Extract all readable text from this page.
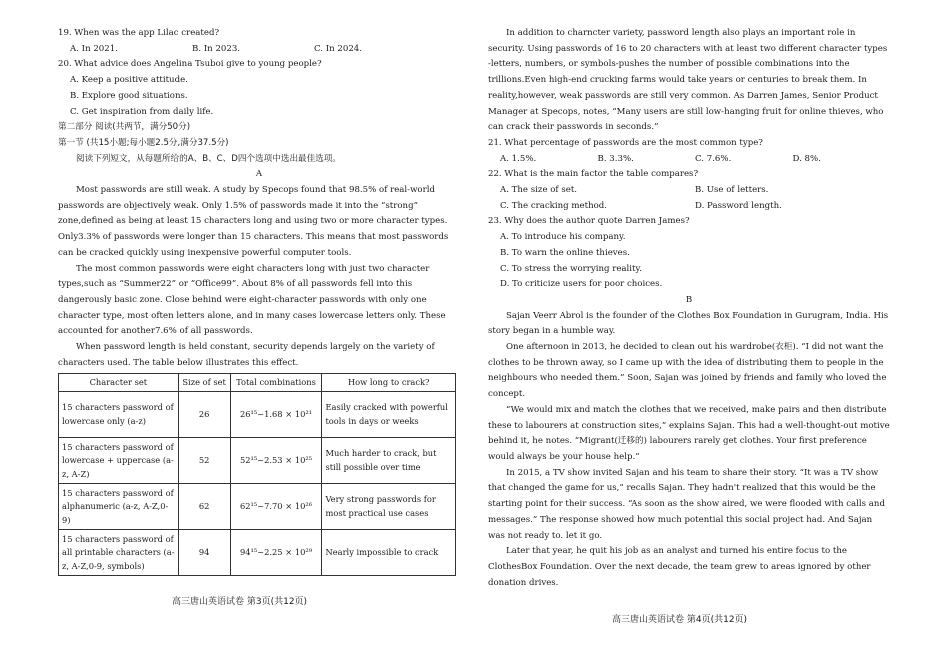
19. When was the app Lilac created?

A. In 2021.	B. In 2023.	C. In 2024.

20. What advice does Angelina Tsuboi give to young people?

A. Keep a positive attitude.

B. Explore good situations.

C. Get inspiration from daily life.

第二部分 阅读(共两节，满分50分)

第一节 (共15小题;每小题2.5分,满分37.5分)

阅读下列短文，从每题所给的A、B、C、D四个选项中选出最佳选项。

A

Most passwords are still weak. A study by Specops found that 98.5% of real-world passwords are objectively weak. Only 1.5% of passwords made it into the “strong” zone,defined as being at least 15 characters long and using two or more character types. Only3.3% of passwords were longer than 15 characters. This means that most passwords can be cracked quickly using inexpensive powerful computer tools.

The most common passwords were eight characters long with just two character types,such as “Summer22” or “Office99”. About 8% of all passwords fell into this dangerously basic zone. Close behind were eight-character passwords with only one character type, most often letters alone, and in many cases lowercase letters only. These accounted for another7.6% of all passwords.

When password length is held constant, security depends largely on the variety of characters used. The table below illustrates this effect.

Character set	Size of set	Total combinations	How long to crack?
15 characters password of lowercase only (a-z)	26	26¹⁵~1.68 × 10²¹	Easily cracked with powerful tools in days or weeks
15 characters password of lowercase + uppercase (a-z, A-Z)	52	52¹⁵~2.53 × 10²⁵	Much harder to crack, but still possible over time
15 characters password of alphanumeric (a-z, A-Z,0-9)	62	62¹⁵~7.70 × 10²⁶	Very strong passwords for most practical use cases
15 characters password of all printable characters (a-z, A-Z,0-9, symbols)	94	94¹⁵~2.25 × 10²⁹	Nearly impossible to crack
高三唐山英语试卷 第3页(共12页)

In addition to charncter variety, password length also plays an important role in security. Using passwords of 16 to 20 characters with at least two different character types -letters, numbers, or symbols-pushes the number of possible combinations into the trillions.Even high-end crucking farms would take years or centuries to break them. In reality,however, weak passwords are still very common. As Darren James, Senior Product Manager at Specops, notes, “Many users are still low-hanging fruit for online thieves, who can crack their passwords in seconds.”

21. What percentage of passwords are the most common type?

A. 1.5%.	B. 3.3%.	C. 7.6%.	D. 8%.

22. What is the main factor the table compares?

A. The size of set.	B. Use of letters.
C. The cracking method.	D. Password length.

23. Why does the author quote Darren James?

A. To introduce his company.

B. To warn the online thieves.

C. To stress the worrying reality.

D. To criticize users for poor choices.

B

Sajan Veerr Abrol is the founder of the Clothes Box Foundation in Gurugram, India. His story began in a humble way.

One afternoon in 2013, he decided to clean out his wardrobe(衣柜). “I did not want the clothes to be thrown away, so I came up with the idea of distributing them to people in the neighbours who needed them.” Soon, Sajan was joined by friends and family who loved the concept.

“We would mix and match the clothes that we received, make pairs and then distribute these to labourers at construction sites,” explains Sajan. This had a well-thought-out motive behind it, he notes. “Migrant(迁移的) labourers rarely get clothes. Your first preference would always be your house help.”

In 2015, a TV show invited Sajan and his team to share their story. “It was a TV show that changed the game for us,” recalls Sajan. They hadn't realized that this would be the starting point for their success. “As soon as the show aired, we were flooded with calls and messages.” The response showed how much potential this social project had. And Sajan was not ready to. let it go.

Later that year, he quit his job as an analyst and turned his entire focus to the ClothesBox Foundation. Over the next decade, the team grew to areas ignored by other donation drives.

高三唐山英语试卷 第4页(共12页)
